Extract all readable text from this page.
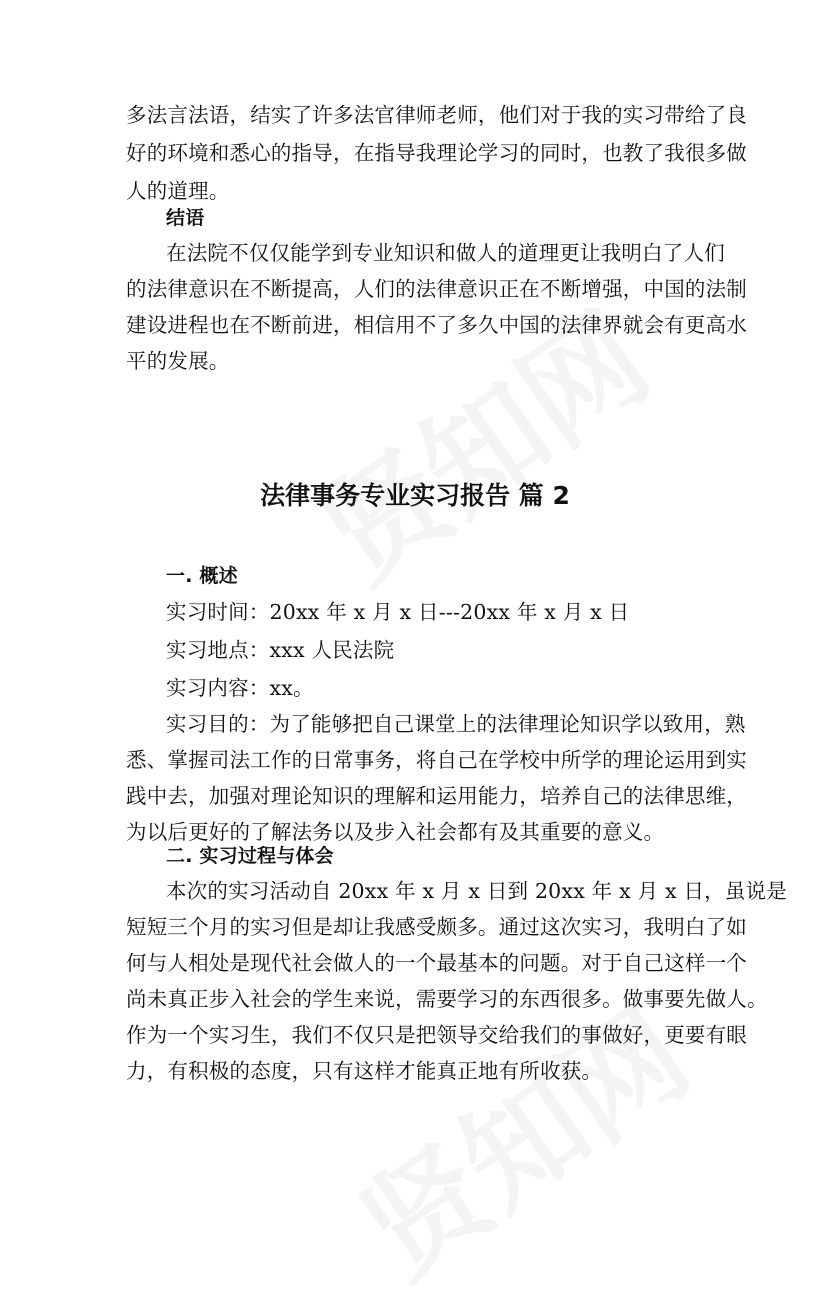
多法言法语，结实了许多法官律师老师，他们对于我的实习带给了良
好的环境和悉心的指导，在指导我理论学习的同时，也教了我很多做
人的道理。
结语
在法院不仅仅能学到专业知识和做人的道理更让我明白了人们
的法律意识在不断提高，人们的法律意识正在不断增强，中国的法制
建设进程也在不断前进，相信用不了多久中国的法律界就会有更高水
平的发展。
法律事务专业实习报告 篇 2
一. 概述
实习时间：20xx 年 x 月 x 日---20xx 年 x 月 x 日
实习地点：xxx 人民法院
实习内容：xx。
实习目的：为了能够把自己课堂上的法律理论知识学以致用，熟
悉、掌握司法工作的日常事务，将自己在学校中所学的理论运用到实
践中去，加强对理论知识的理解和运用能力，培养自己的法律思维，
为以后更好的了解法务以及步入社会都有及其重要的意义。
二. 实习过程与体会
本次的实习活动自 20xx 年 x 月 x 日到 20xx 年 x 月 x 日，虽说是
短短三个月的实习但是却让我感受颇多。通过这次实习，我明白了如
何与人相处是现代社会做人的一个最基本的问题。对于自己这样一个
尚未真正步入社会的学生来说，需要学习的东西很多。做事要先做人。
作为一个实习生，我们不仅只是把领导交给我们的事做好，更要有眼
力，有积极的态度，只有这样才能真正地有所收获。
